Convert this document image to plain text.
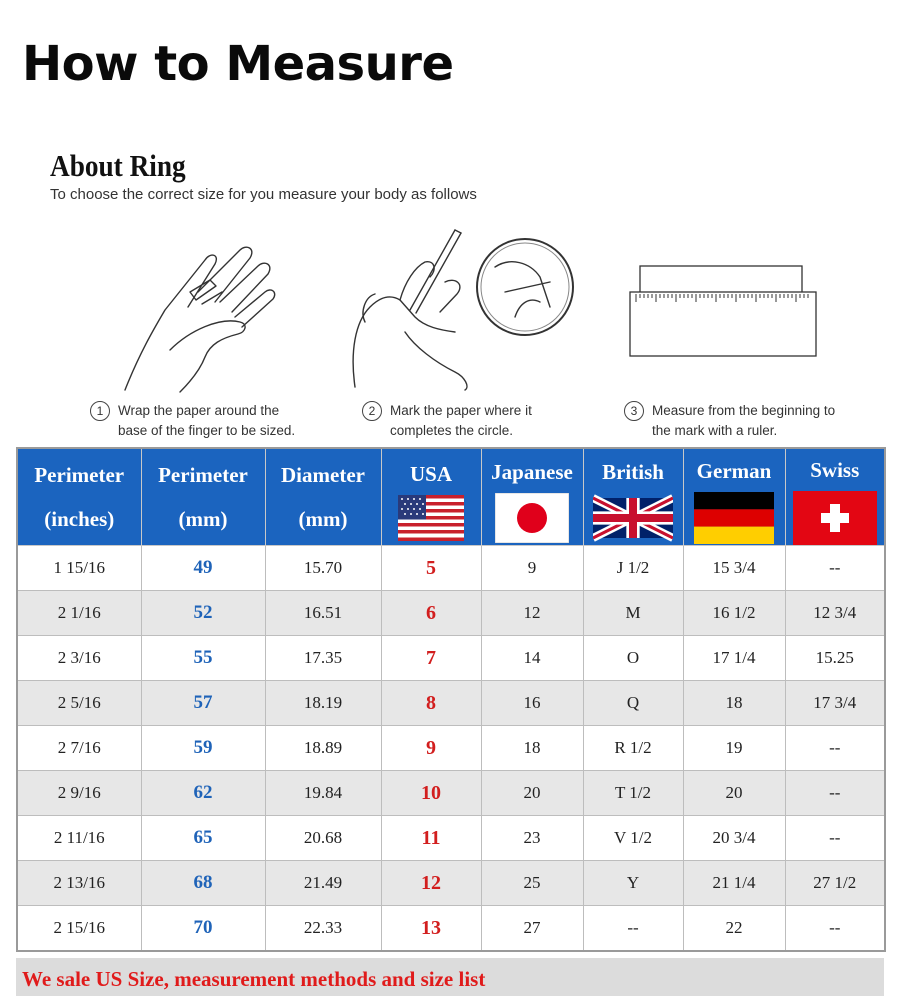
How to Measure
About Ring
To choose the correct size for you measure your body as follows
1	Wrap the paper around the
base of the finger to be sized.
2	Mark the paper where it
completes the circle.
3	Measure from the beginning to
the mark with a ruler.
Perimeter
(inches)	Perimeter
(mm)	Diameter
(mm)	USA	Japanese	British	German	Swiss

1 15/16	49	15.70	5	9	J 1/2	15 3/4	--
2 1/16	52	16.51	6	12	M	16 1/2	12 3/4
2 3/16	55	17.35	7	14	O	17 1/4	15.25
2 5/16	57	18.19	8	16	Q	18	17 3/4
2 7/16	59	18.89	9	18	R 1/2	19	--
2 9/16	62	19.84	10	20	T 1/2	20	--
2 11/16	65	20.68	11	23	V 1/2	20 3/4	--
2 13/16	68	21.49	12	25	Y	21 1/4	27 1/2
2 15/16	70	22.33	13	27	--	22	--
We sale US Size, measurement methods and size list
